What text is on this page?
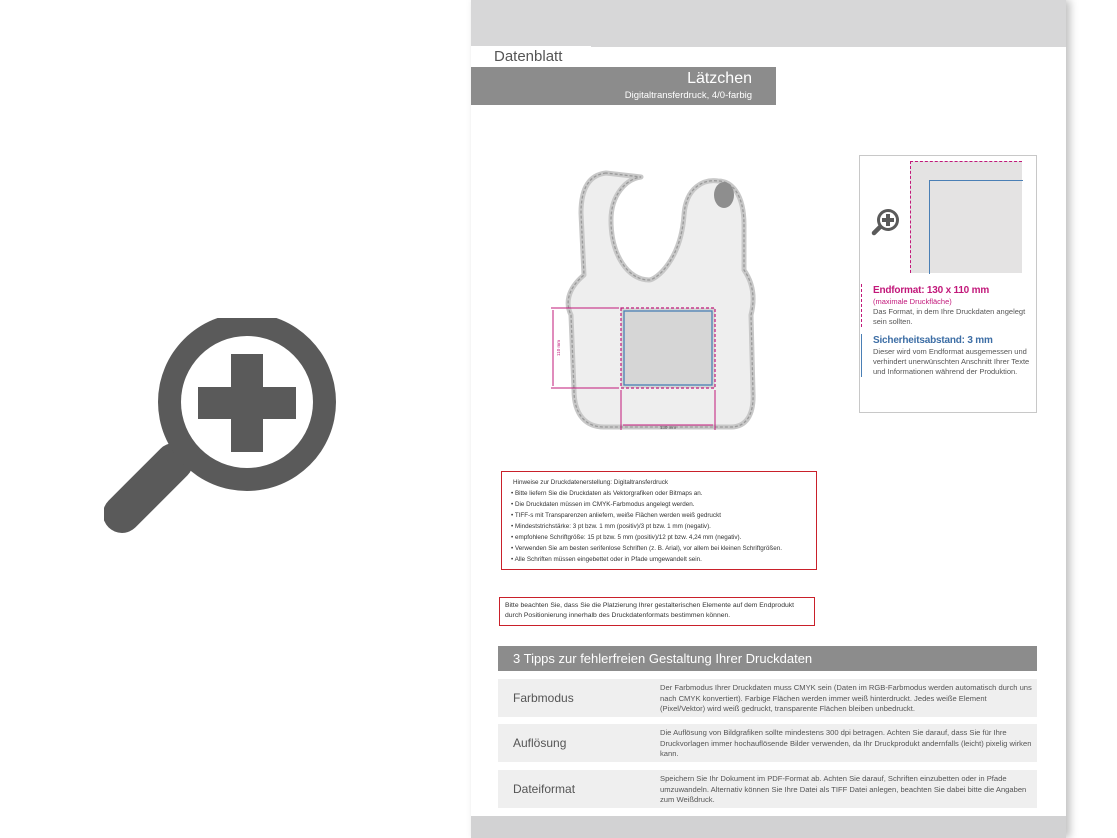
Datenblatt
Lätzchen
Digitaltransferdruck, 4/0-farbig
110 mm
130 mm
Endformat: 130 x 110 mm
(maximale Druckfläche)
Das Format, in dem Ihre Druckdaten angelegt sein sollten.
Sicherheitsabstand: 3 mm
Dieser wird vom Endformat ausgemessen und verhindert unerwünschten Anschnitt Ihrer Texte und Informationen während der Produktion.
Hinweise zur Druckdatenerstellung: Digitaltransferdruck
• Bitte liefern Sie die Druckdaten als Vektorgrafiken oder Bitmaps an.
• Die Druckdaten müssen im CMYK-Farbmodus angelegt werden.
• TIFF-s mit Transparenzen anliefern, weiße Flächen werden weiß gedruckt
• Mindeststrichstärke: 3 pt bzw. 1 mm (positiv)/3 pt bzw. 1 mm (negativ).
• empfohlene Schriftgröße: 15 pt bzw. 5 mm (positiv)/12 pt bzw. 4,24 mm (negativ).
• Verwenden Sie am besten serifenlose Schriften (z. B. Arial), vor allem bei kleinen Schriftgrößen.
• Alle Schriften müssen eingebettet oder in Pfade umgewandelt sein.
Bitte beachten Sie, dass Sie die Platzierung Ihrer gestalterischen Elemente auf dem Endprodukt durch Positionierung innerhalb des Druckdatenformats bestimmen können.
3 Tipps zur fehlerfreien Gestaltung Ihrer Druckdaten
Farbmodus
Der Farbmodus Ihrer Druckdaten muss CMYK sein (Daten im RGB-Farbmodus werden automatisch durch uns nach CMYK konvertiert). Farbige Flächen werden immer weiß hinterdruckt. Jedes weiße Element (Pixel/Vektor) wird weiß gedruckt, transparente Flächen bleiben unbedruckt.
Auflösung
Die Auflösung von Bildgrafiken sollte mindestens 300 dpi betragen. Achten Sie darauf, dass Sie für Ihre Druckvorlagen immer hochauflösende Bilder verwenden, da Ihr Druckprodukt andernfalls (leicht) pixelig wirken kann.
Dateiformat
Speichern Sie Ihr Dokument im PDF-Format ab. Achten Sie darauf, Schriften einzubetten oder in Pfade umzuwandeln. Alternativ können Sie Ihre Datei als TIFF Datei anlegen, beachten Sie dabei bitte die Angaben zum Weißdruck.
